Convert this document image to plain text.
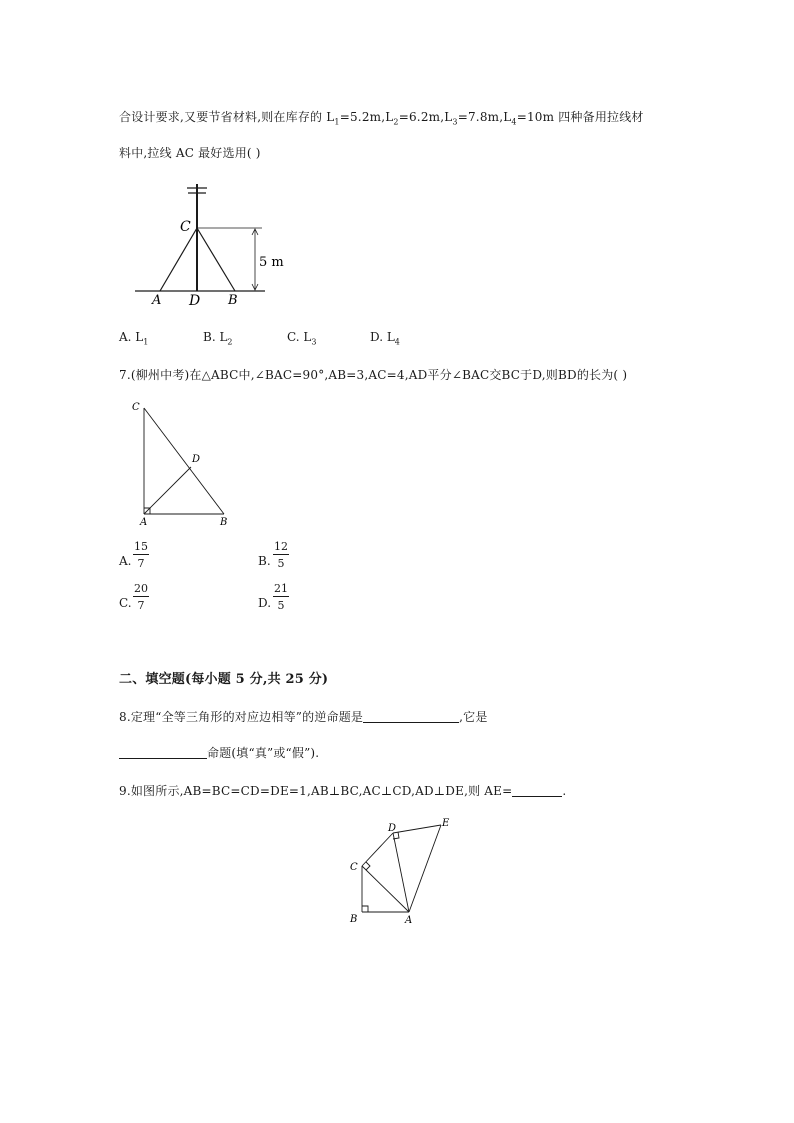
合设计要求,又要节省材料,则在库存的 $L_1=5.2m,L_2=6.2m,L_3=7.8m,L_4=10m$ 四种备用拉线材
料中,拉线 AC 最好选用( )
C
A D B
5 m
A. $L_1$	B. $L_2$	C. $L_3$	D. $L_4$
7.(柳州中考)在△ABC中,∠BAC=90°,AB=3,AC=4,AD平分∠BAC交BC于D,则BD的长为( )
C
D
A	B
A. $\frac{15}{7}$	B. $\frac{12}{5}$
C. $\frac{20}{7}$	D. $\frac{21}{5}$
二、填空题(每小题 5 分,共 25 分)
8.定理“全等三角形的对应边相等”的逆命题是	,它是
命题(填“真”或“假”).
9.如图所示,AB=BC=CD=DE=1,AB⊥BC,AC⊥CD,AD⊥DE,则 AE=	.
D	E
C
B	A
